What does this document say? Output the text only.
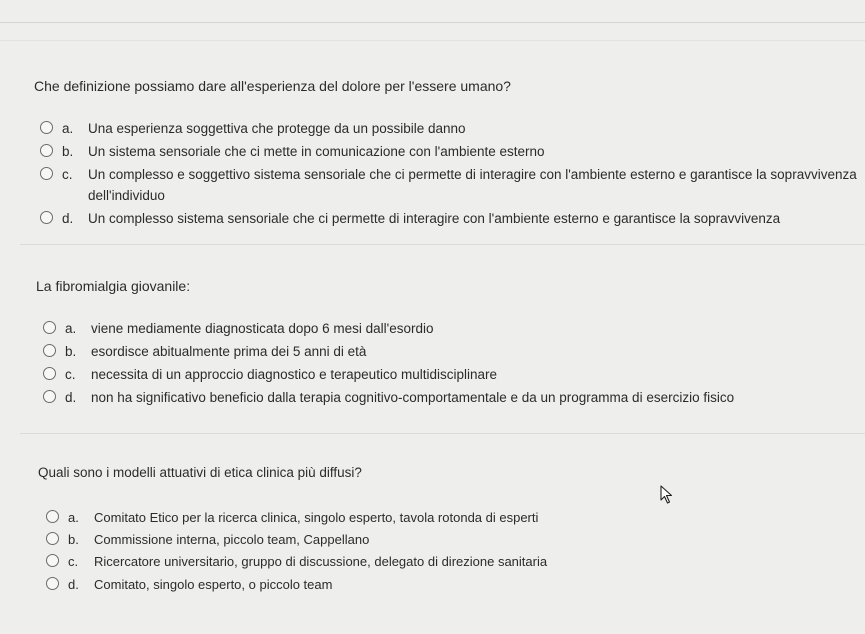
Che definizione possiamo dare all'esperienza del dolore per l'essere umano?
a.	Una esperienza soggettiva che protegge da un possibile danno
b.	Un sistema sensoriale che ci mette in comunicazione con l'ambiente esterno
c.	Un complesso e soggettivo sistema sensoriale che ci permette di interagire con l'ambiente esterno e garantisce la sopravvivenza
dell'individuo
d.	Un complesso sistema sensoriale che ci permette di interagire con l'ambiente esterno e garantisce la sopravvivenza
La fibromialgia giovanile:
a.	viene mediamente diagnosticata dopo 6 mesi dall'esordio
b.	esordisce abitualmente prima dei 5 anni di età
c.	necessita di un approccio diagnostico e terapeutico multidisciplinare
d.	non ha significativo beneficio dalla terapia cognitivo-comportamentale e da un programma di esercizio fisico
Quali sono i modelli attuativi di etica clinica più diffusi?
a.	Comitato Etico per la ricerca clinica, singolo esperto, tavola rotonda di esperti
b.	Commissione interna, piccolo team, Cappellano
c.	Ricercatore universitario, gruppo di discussione, delegato di direzione sanitaria
d.	Comitato, singolo esperto, o piccolo team
